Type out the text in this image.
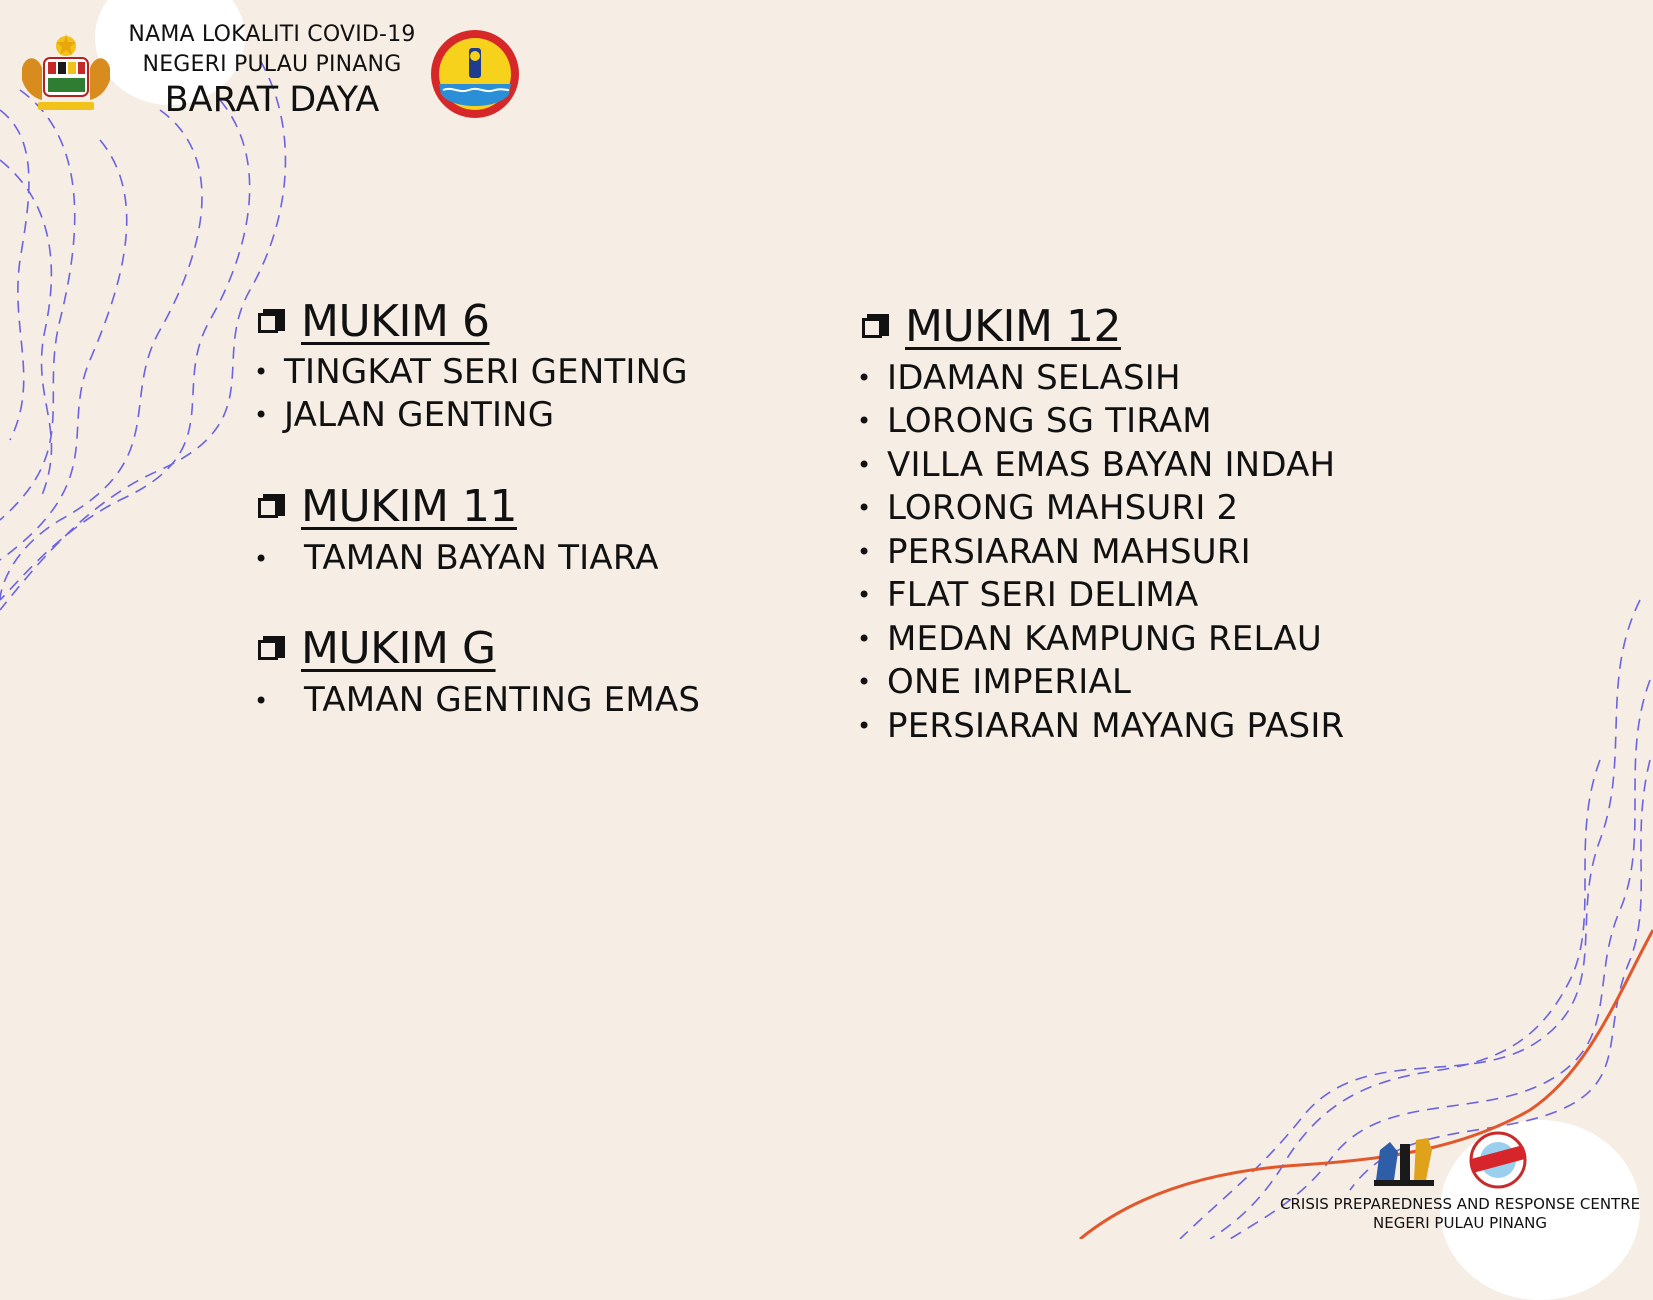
NAMA LOKALITI COVID-19
NEGERI PULAU PINANG
BARAT DAYA
MUKIM 6
• TINGKAT SERI GENTING
• JALAN GENTING
MUKIM 11
• TAMAN BAYAN TIARA
MUKIM G
• TAMAN GENTING EMAS
MUKIM 12
• IDAMAN SELASIH
• LORONG SG TIRAM
• VILLA EMAS BAYAN INDAH
• LORONG MAHSURI 2
• PERSIARAN MAHSURI
• FLAT SERI DELIMA
• MEDAN KAMPUNG RELAU
• ONE IMPERIAL
• PERSIARAN MAYANG PASIR
CRISIS PREPAREDNESS AND RESPONSE CENTRE
NEGERI PULAU PINANG
